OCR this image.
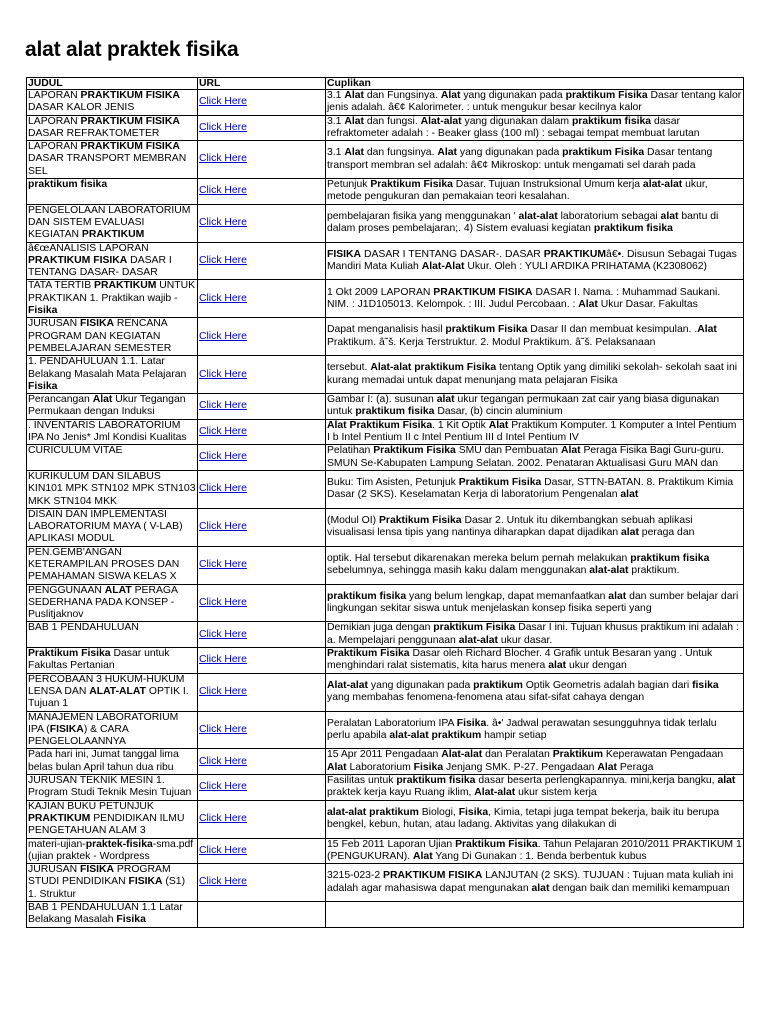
alat alat praktek fisika
JUDUL	URL	Cuplikan
LAPORAN PRAKTIKUM FISIKA DASAR KALOR JENIS	Click Here	3.1 Alat dan Fungsinya. Alat yang digunakan pada praktikum Fisika Dasar tentang kalor jenis adalah. â€¢ Kalorimeter. : untuk mengukur besar kecilnya kalor
LAPORAN PRAKTIKUM FISIKA DASAR REFRAKTOMETER	Click Here	3.1 Alat dan fungsi. Alat-alat yang digunakan dalam praktikum fisika dasar refraktometer adalah : - Beaker glass (100 ml) : sebagai tempat membuat larutan
LAPORAN PRAKTIKUM FISIKA DASAR TRANSPORT MEMBRAN SEL	Click Here	3.1 Alat dan fungsinya. Alat yang digunakan pada praktikum Fisika Dasar tentang transport membran sel adalah: â€¢ Mikroskop: untuk mengamati sel darah pada
praktikum fisika	Click Here	Petunjuk Praktikum Fisika Dasar. Tujuan Instruksional Umum kerja alat-alat ukur, metode pengukuran dan pemakaian teori kesalahan.
PENGELOLAAN LABORATORIUM DAN SISTEM EVALUASI KEGIATAN PRAKTIKUM	Click Here	pembelajaran fisika yang menggunakan ' alat-alat laboratorium sebagai alat bantu di dalam proses pembelajaran;. 4) Sistem evaluasi kegiatan praktikum fisika
â€œANALISIS LAPORAN PRAKTIKUM FISIKA DASAR I TENTANG DASAR- DASAR	Click Here	FISIKA DASAR I TENTANG DASAR-. DASAR PRAKTIKUMâ€•. Disusun Sebagai Tugas Mandiri Mata Kuliah Alat-Alat Ukur. Oleh : YULI ARDIKA PRIHATAMA (K2308062)
TATA TERTIB PRAKTIKUM UNTUK PRAKTIKAN 1. Praktikan wajib - Fisika	Click Here	1 Okt 2009 LAPORAN PRAKTIKUM FISIKA DASAR I. Nama. : Muhammad Saukani. NIM. : J1D105013. Kelompok. : III. Judul Percobaan. : Alat Ukur Dasar. Fakultas
JURUSAN FISIKA RENCANA PROGRAM DAN KEGIATAN PEMBELAJARAN SEMESTER	Click Here	Dapat menganalisis hasil praktikum Fisika Dasar II dan membuat kesimpulan. .Alat Praktikum. â˜š. Kerja Terstruktur. 2. Modul Praktikum. â˜š. Pelaksanaan
1. PENDAHULUAN 1.1. Latar Belakang Masalah Mata Pelajaran Fisika	Click Here	tersebut. Alat-alat praktikum Fisika tentang Optik yang dimiliki sekolah- sekolah saat ini kurang memadai untuk dapat menunjang mata pelajaran Fisika
Perancangan Alat Ukur Tegangan Permukaan dengan Induksi	Click Here	Gambar I: (a). susunan alat ukur tegangan permukaan zat cair yang biasa digunakan untuk praktikum fisika Dasar, (b) cincin aluminium
. INVENTARIS LABORATORIUM IPA No Jenis* Jml Kondisi Kualitas	Click Here	Alat Praktikum Fisika. 1 Kit Optik Alat Praktikum Komputer. 1 Komputer a Intel Pentium I b Intel Pentium II c Intel Pentium III d Intel Pentium IV
CURICULUM VITAE	Click Here	Pelatihan Praktikum Fisika SMU dan Pembuatan Alat Peraga Fisika Bagi Guru-guru. SMUN Se-Kabupaten Lampung Selatan. 2002. Penataran Aktualisasi Guru MAN dan
KURIKULUM DAN SILABUS KIN101 MPK STN102 MPK STN103 MKK STN104 MKK	Click Here	Buku: Tim Asisten, Petunjuk Praktikum Fisika Dasar, STTN-BATAN. 8. Praktikum Kimia Dasar (2 SKS). Keselamatan Kerja di laboratorium Pengenalan alat
DISAIN DAN IMPLEMENTASI LABORATORIUM MAYA ( V-LAB) APLIKASI MODUL	Click Here	(Modul OI) Praktikum Fisika Dasar 2. Untuk itu dikembangkan sebuah aplikasi visualisasi lensa tipis yang nantinya diharapkan dapat dijadikan alat peraga dan
PEN.GEMB'ANGAN KETERAMPILAN PROSES DAN PEMAHAMAN SISWA KELAS X	Click Here	optik. Hal tersebut dikarenakan mereka belum pernah melakukan praktikum fisika sebelumnya, sehingga masih kaku dalam menggunakan alat-alat praktikum.
PENGGUNAAN ALAT PERAGA SEDERHANA PADA KONSEP - Puslitjaknov	Click Here	praktikum fisika yang belum lengkap, dapat memanfaatkan alat dan sumber belajar dari lingkungan sekitar siswa untuk menjelaskan konsep fisika seperti yang
BAB 1 PENDAHULUAN	Click Here	Demikian juga dengan praktikum Fisika Dasar I ini. Tujuan khusus praktikum ini adalah : a. Mempelajari penggunaan alat-alat ukur dasar.
Praktikum Fisika Dasar untuk Fakultas Pertanian	Click Here	Praktikum Fisika Dasar oleh Richard Blocher. 4 Grafik untuk Besaran yang . Untuk menghindari ralat sistematis, kita harus menera alat ukur dengan
PERCOBAAN 3 HUKUM-HUKUM LENSA DAN ALAT-ALAT OPTIK I. Tujuan 1	Click Here	Alat-alat yang digunakan pada praktikum Optik Geometris adalah bagian dari fisika yang membahas fenomena-fenomena atau sifat-sifat cahaya dengan
MANAJEMEN LABORATORIUM IPA (FISIKA) & CARA PENGELOLAANNYA	Click Here	Peralatan Laboratorium IPA Fisika. â•' Jadwal perawatan sesungguhnya tidak terlalu perlu apabila alat-alat praktikum hampir setiap
Pada hari ini, Jumat tanggal lima belas bulan April tahun dua ribu	Click Here	15 Apr 2011 Pengadaan Alat-alat dan Peralatan Praktikum Keperawatan Pengadaan Alat Laboratorium Fisika Jenjang SMK. P-27. Pengadaan Alat Peraga
JURUSAN TEKNIK MESIN 1. Program Studi Teknik Mesin Tujuan	Click Here	Fasilitas untuk praktikum fisika dasar beserta perlengkapannya. mini,kerja bangku, alat praktek kerja kayu Ruang iklim, Alat-alat ukur sistem kerja
KAJIAN BUKU PETUNJUK PRAKTIKUM PENDIDIKAN ILMU PENGETAHUAN ALAM 3	Click Here	alat-alat praktikum Biologi, Fisika, Kimia, tetapi juga tempat bekerja, baik itu berupa bengkel, kebun, hutan, atau ladang. Aktivitas yang dilakukan di
materi-ujian-praktek-fisika-sma.pdf (ujian praktek - Wordpress	Click Here	15 Feb 2011 Laporan Ujian Praktikum Fisika. Tahun Pelajaran 2010/2011 PRAKTIKUM 1 (PENGUKURAN). Alat Yang Di Gunakan : 1. Benda berbentuk kubus
JURUSAN FISIKA PROGRAM STUDI PENDIDIKAN FISIKA (S1) 1. Struktur	Click Here	3215-023-2 PRAKTIKUM FISIKA LANJUTAN (2 SKS). TUJUAN : Tujuan mata kuliah ini adalah agar mahasiswa dapat mengunakan alat dengan baik dan memiliki kemampuan
BAB 1 PENDAHULUAN 1.1 Latar Belakang Masalah Fisika		
